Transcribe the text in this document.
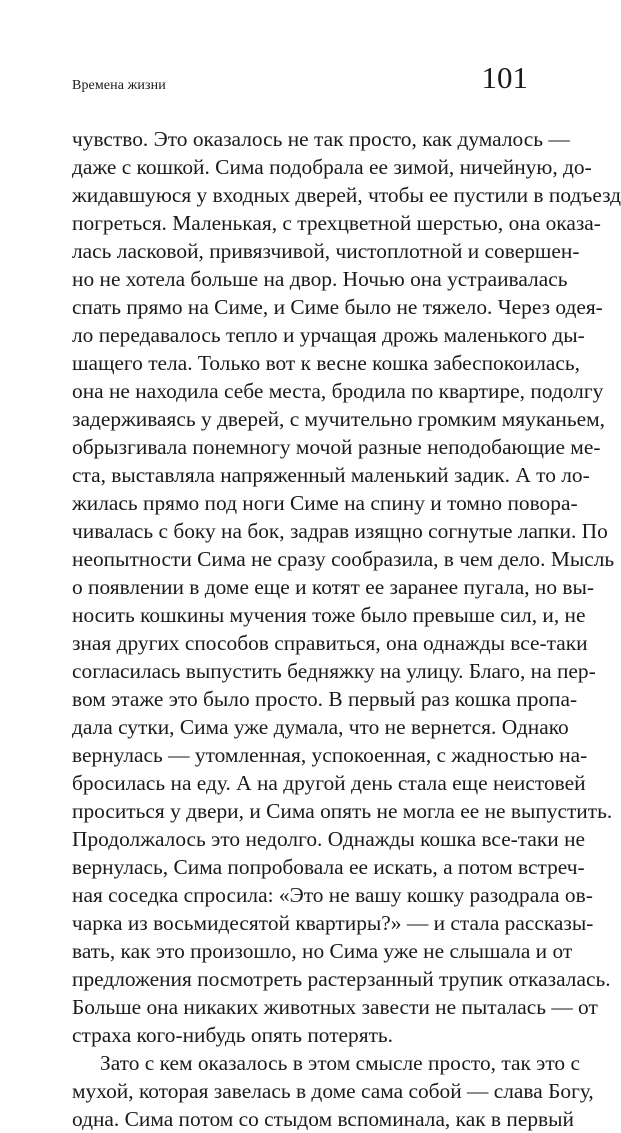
Времена жизни	101
чувство. Это оказалось не так просто, как думалось —
даже с кошкой. Сима подобрала ее зимой, ничейную, до-
жидавшуюся у входных дверей, чтобы ее пустили в подъезд
погреться. Маленькая, с трехцветной шерстью, она оказа-
лась ласковой, привязчивой, чистоплотной и совершен-
но не хотела больше на двор. Ночью она устраивалась
спать прямо на Симе, и Симе было не тяжело. Через одея-
ло передавалось тепло и урчащая дрожь маленького ды-
шащего тела. Только вот к весне кошка забеспокоилась,
она не находила себе места, бродила по квартире, подолгу
задерживаясь у дверей, с мучительно громким мяуканьем,
обрызгивала понемногу мочой разные неподобающие ме-
ста, выставляла напряженный маленький задик. А то ло-
жилась прямо под ноги Симе на спину и томно повора-
чивалась с боку на бок, задрав изящно согнутые лапки. По
неопытности Сима не сразу сообразила, в чем дело. Мысль
о появлении в доме еще и котят ее заранее пугала, но вы-
носить кошкины мучения тоже было превыше сил, и, не
зная других способов справиться, она однажды все-таки
согласилась выпустить бедняжку на улицу. Благо, на пер-
вом этаже это было просто. В первый раз кошка пропа-
дала сутки, Сима уже думала, что не вернется. Однако
вернулась — утомленная, успокоенная, с жадностью на-
бросилась на еду. А на другой день стала еще неистовей
проситься у двери, и Сима опять не могла ее не выпустить.
Продолжалось это недолго. Однажды кошка все-таки не
вернулась, Сима попробовала ее искать, а потом встреч-
ная соседка спросила: «Это не вашу кошку разодрала ов-
чарка из восьмидесятой квартиры?» — и стала рассказы-
вать, как это произошло, но Сима уже не слышала и от
предложения посмотреть растерзанный трупик отказалась.
Больше она никаких животных завести не пыталась — от
страха кого-нибудь опять потерять.
Зато с кем оказалось в этом смысле просто, так это с
мухой, которая завелась в доме сама собой — слава Богу,
одна. Сима потом со стыдом вспоминала, как в первый
